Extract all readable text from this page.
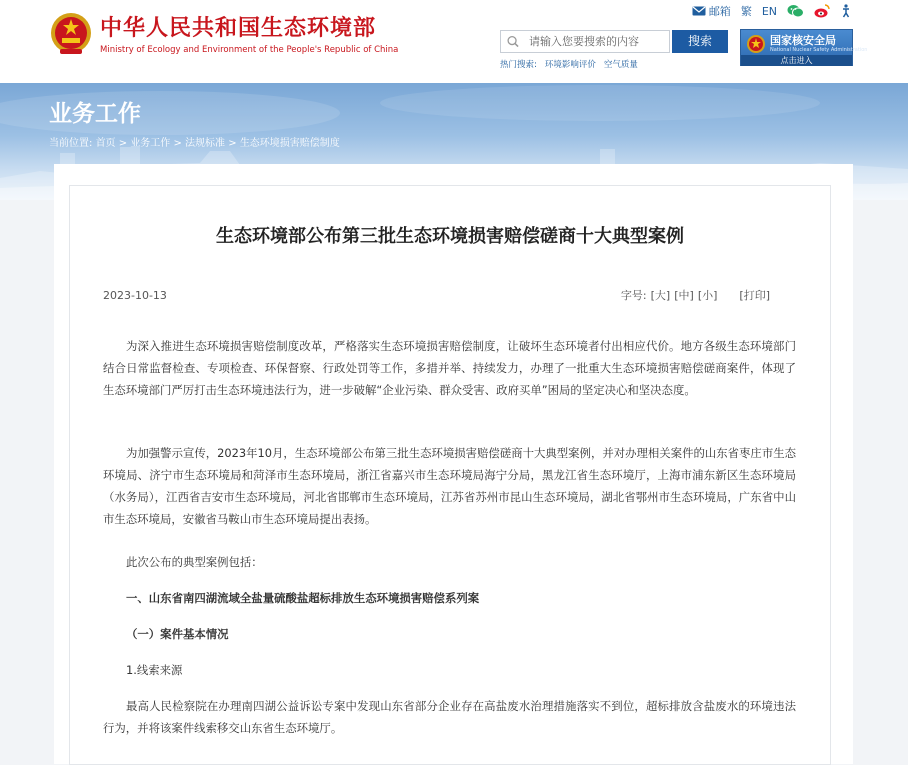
中华人民共和国生态环境部
Ministry of Ecology and Environment of the People's Republic of China
邮箱 繁 EN
请输入您要搜索的内容
搜索
热门搜索: 环境影响评价 空气质量
国家核安全局
National Nuclear Safety Administration
点击进入
业务工作
当前位置: 首页 > 业务工作 > 法规标准 > 生态环境损害赔偿制度
生态环境部公布第三批生态环境损害赔偿磋商十大典型案例
2023-10-13	字号: [大] [中] [小] [打印]

为深入推进生态环境损害赔偿制度改革，严格落实生态环境损害赔偿制度，让破坏生态环境者付出相应代价。地方各级生态环境部门结合日常监督检查、专项检查、环保督察、行政处罚等工作，多措并举、持续发力，办理了一批重大生态环境损害赔偿磋商案件，体现了生态环境部门严厉打击生态环境违法行为，进一步破解“企业污染、群众受害、政府买单”困局的坚定决心和坚决态度。

为加强警示宣传，2023年10月，生态环境部公布第三批生态环境损害赔偿磋商十大典型案例，并对办理相关案件的山东省枣庄市生态环境局、济宁市生态环境局和菏泽市生态环境局，浙江省嘉兴市生态环境局海宁分局，黑龙江省生态环境厅，上海市浦东新区生态环境局（水务局），江西省吉安市生态环境局，河北省邯郸市生态环境局，江苏省苏州市昆山生态环境局，湖北省鄂州市生态环境局，广东省中山市生态环境局，安徽省马鞍山市生态环境局提出表扬。

此次公布的典型案例包括：

一、山东省南四湖流域全盐量硫酸盐超标排放生态环境损害赔偿系列案

（一）案件基本情况

1.线索来源

最高人民检察院在办理南四湖公益诉讼专案中发现山东省部分企业存在高盐废水治理措施落实不到位，超标排放含盐废水的环境违法行为，并将该案件线索移交山东省生态环境厅。
